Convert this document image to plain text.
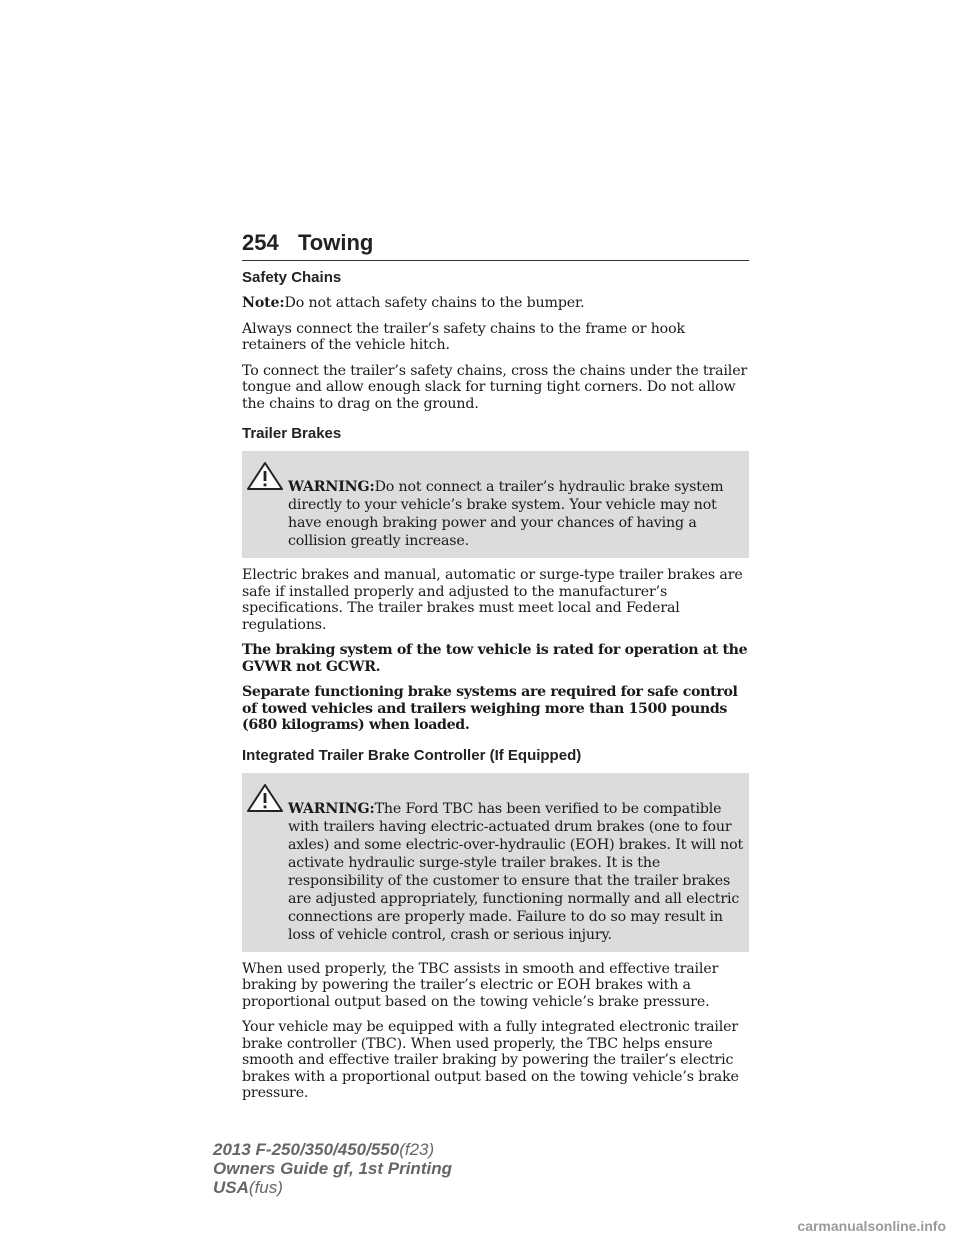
254 Towing
Safety Chains

Note:Do not attach safety chains to the bumper.

Always connect the trailer’s safety chains to the frame or hook retainers of the vehicle hitch.

To connect the trailer’s safety chains, cross the chains under the trailer tongue and allow enough slack for turning tight corners. Do not allow the chains to drag on the ground.

Trailer Brakes

WARNING:Do not connect a trailer’s hydraulic brake system directly to your vehicle’s brake system. Your vehicle may not have enough braking power and your chances of having a collision greatly increase.

Electric brakes and manual, automatic or surge-type trailer brakes are safe if installed properly and adjusted to the manufacturer’s specifications. The trailer brakes must meet local and Federal regulations.

The braking system of the tow vehicle is rated for operation at the GVWR not GCWR.

Separate functioning brake systems are required for safe control of towed vehicles and trailers weighing more than 1500 pounds (680 kilograms) when loaded.

Integrated Trailer Brake Controller (If Equipped)

WARNING:The Ford TBC has been verified to be compatible with trailers having electric-actuated drum brakes (one to four axles) and some electric-over-hydraulic (EOH) brakes. It will not activate hydraulic surge-style trailer brakes. It is the responsibility of the customer to ensure that the trailer brakes are adjusted appropriately, functioning normally and all electric connections are properly made. Failure to do so may result in loss of vehicle control, crash or serious injury.

When used properly, the TBC assists in smooth and effective trailer braking by powering the trailer’s electric or EOH brakes with a proportional output based on the towing vehicle’s brake pressure.

Your vehicle may be equipped with a fully integrated electronic trailer brake controller (TBC). When used properly, the TBC helps ensure smooth and effective trailer braking by powering the trailer’s electric brakes with a proportional output based on the towing vehicle’s brake pressure.

2013 F-250/350/450/550(f23)
Owners Guide gf, 1st Printing
USA(fus)
carmanualsonline.info
